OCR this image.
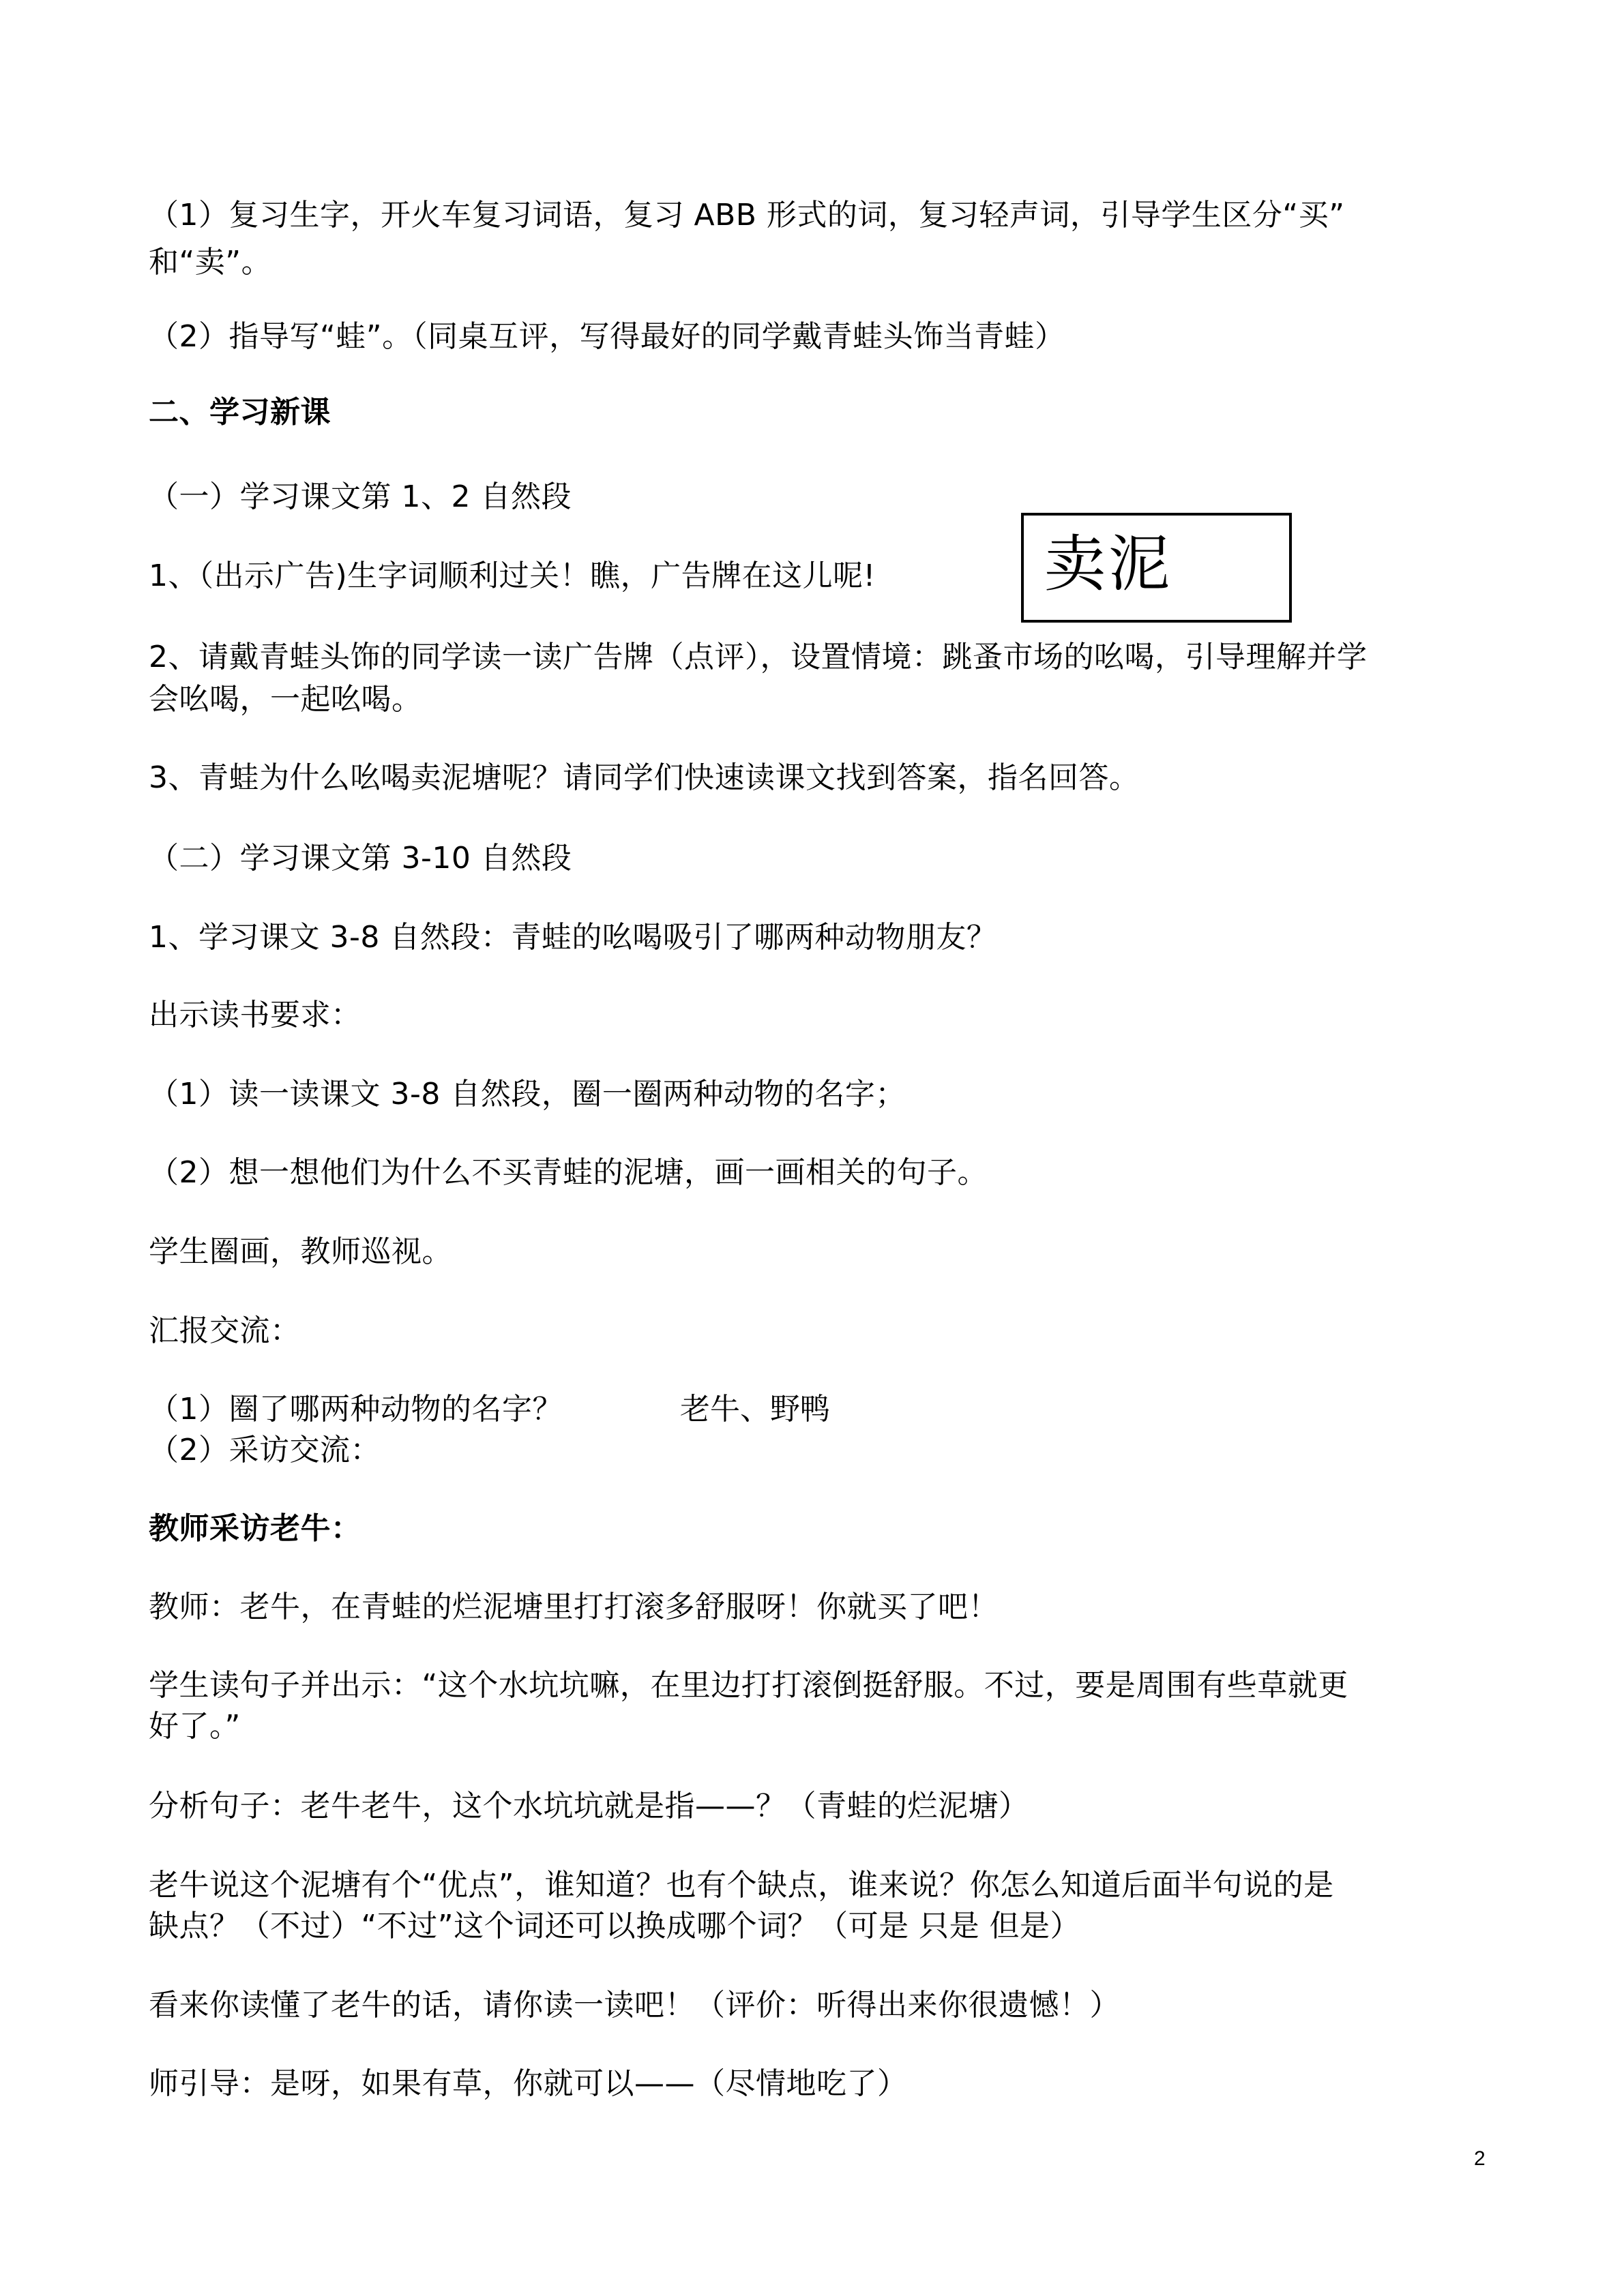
（1）复习生字，开火车复习词语，复习 ABB 形式的词，复习轻声词，引导学生区分“买”

和“卖”。

（2）指导写“蛙”。（同桌互评，写得最好的同学戴青蛙头饰当青蛙）

二、学习新课

（一）学习课文第 1、2 自然段

1、（出示广告)生字词顺利过关！瞧，广告牌在这儿呢!	卖泥

2、请戴青蛙头饰的同学读一读广告牌（点评），设置情境：跳蚤市场的吆喝，引导理解并学

会吆喝，一起吆喝。

3、青蛙为什么吆喝卖泥塘呢？请同学们快速读课文找到答案，指名回答。

（二）学习课文第 3-10 自然段

1、学习课文 3-8 自然段：青蛙的吆喝吸引了哪两种动物朋友？

出示读书要求：

（1）读一读课文 3-8 自然段，圈一圈两种动物的名字；

（2）想一想他们为什么不买青蛙的泥塘，画一画相关的句子。

学生圈画，教师巡视。

汇报交流：

（1）圈了哪两种动物的名字？	老牛、野鸭

（2）采访交流：

教师采访老牛：

教师：老牛，在青蛙的烂泥塘里打打滚多舒服呀！你就买了吧！

学生读句子并出示：“这个水坑坑嘛，在里边打打滚倒挺舒服。不过，要是周围有些草就更

好了。”

分析句子：老牛老牛，这个水坑坑就是指——？（青蛙的烂泥塘）

老牛说这个泥塘有个“优点”，谁知道？也有个缺点，谁来说？你怎么知道后面半句说的是

缺点？（不过）“不过”这个词还可以换成哪个词？（可是 只是 但是）

看来你读懂了老牛的话，请你读一读吧！（评价：听得出来你很遗憾！）

师引导：是呀，如果有草，你就可以——（尽情地吃了）

2
